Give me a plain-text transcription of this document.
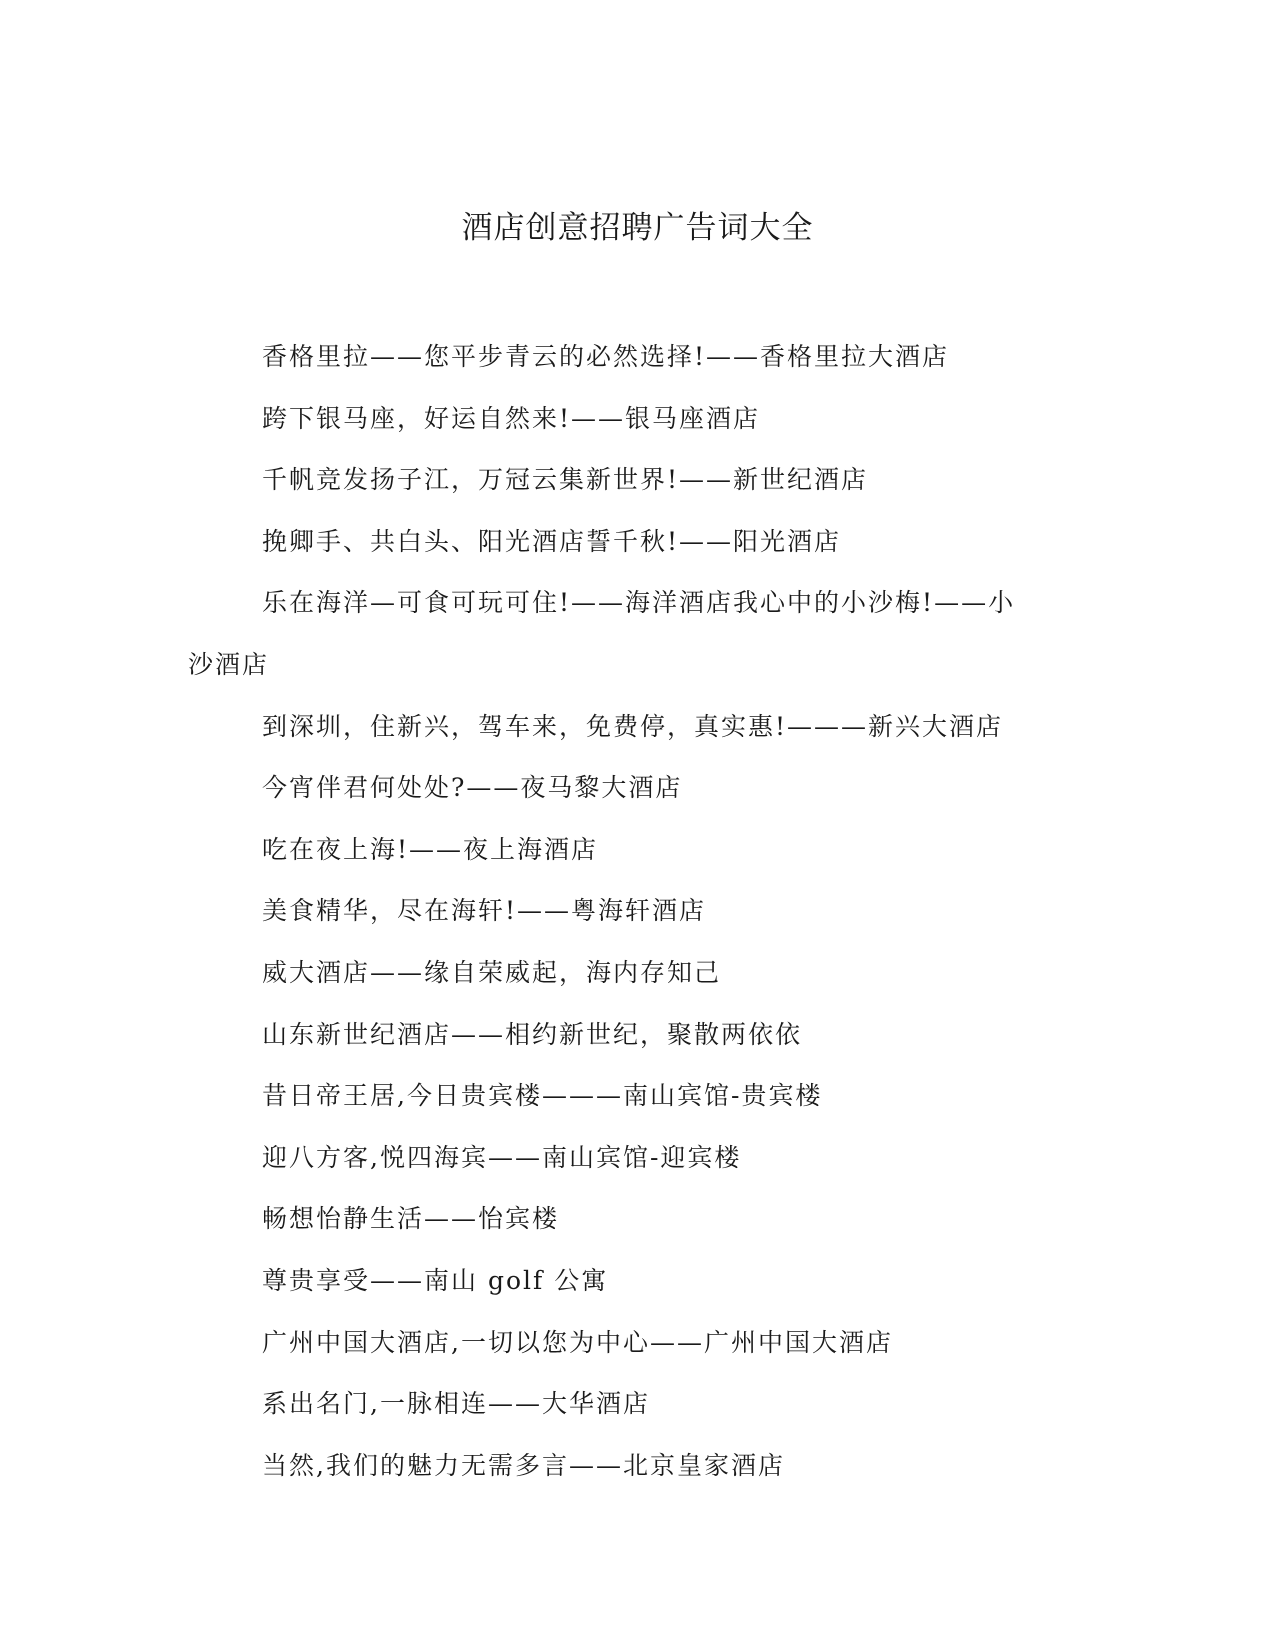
酒店创意招聘广告词大全

香格里拉——您平步青云的必然选择!——香格里拉大酒店

跨下银马座，好运自然来!——银马座酒店

千帆竞发扬子江，万冠云集新世界!——新世纪酒店

挽卿手、共白头、阳光酒店誓千秋!——阳光酒店

乐在海洋—可食可玩可住!——海洋酒店我心中的小沙梅!——小

沙酒店

到深圳，住新兴，驾车来，免费停，真实惠!———新兴大酒店

今宵伴君何处处?——夜马黎大酒店

吃在夜上海!——夜上海酒店

美食精华，尽在海轩!——粤海轩酒店

威大酒店——缘自荣威起，海内存知己

山东新世纪酒店——相约新世纪，聚散两依依

昔日帝王居,今日贵宾楼———南山宾馆-贵宾楼

迎八方客,悦四海宾——南山宾馆-迎宾楼

畅想怡静生活——怡宾楼

尊贵享受——南山 golf 公寓

广州中国大酒店,一切以您为中心——广州中国大酒店

系出名门,一脉相连——大华酒店

当然,我们的魅力无需多言——北京皇家酒店
